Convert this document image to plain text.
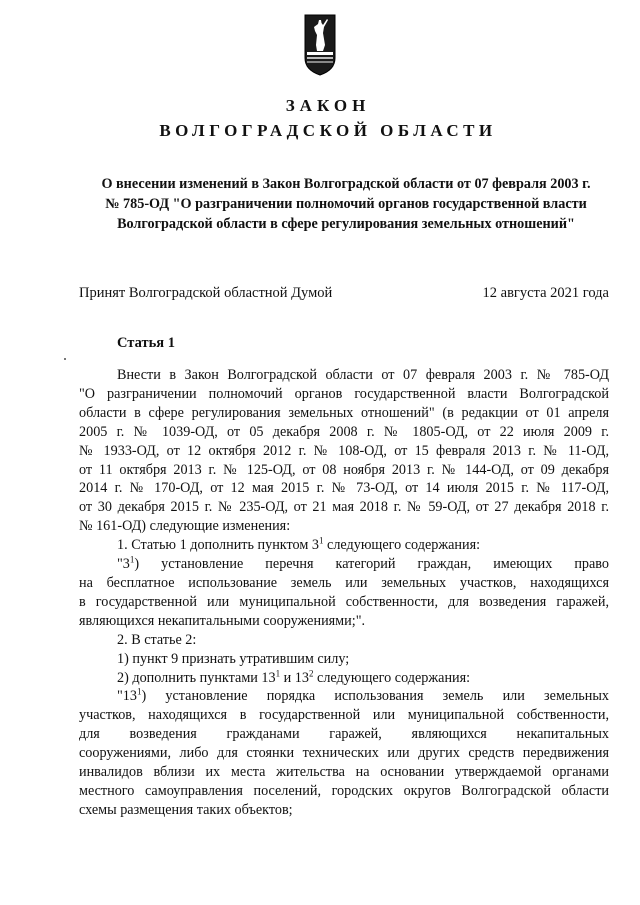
ЗАКОН
ВОЛГОГРАДСКОЙ ОБЛАСТИ
О внесении изменений в Закон Волгоградской области от 07 февраля 2003 г.
№ 785-ОД "О разграничении полномочий органов государственной власти
Волгоградской области в сфере регулирования земельных отношений"
Принят Волгоградской областной Думой	12 августа 2021 года
Статья 1
Внести в Закон Волгоградской области от 07 февраля 2003 г. № 785-ОД
"О разграничении полномочий органов государственной власти Волгоградской
области в сфере регулирования земельных отношений" (в редакции от 01 апреля
2005 г. № 1039-ОД, от 05 декабря 2008 г. № 1805-ОД, от 22 июля 2009 г.
№ 1933-ОД, от 12 октября 2012 г. № 108-ОД, от 15 февраля 2013 г. № 11-ОД,
от 11 октября 2013 г. № 125-ОД, от 08 ноября 2013 г. № 144-ОД, от 09 декабря
2014 г. № 170-ОД, от 12 мая 2015 г. № 73-ОД, от 14 июля 2015 г. № 117-ОД,
от 30 декабря 2015 г. № 235-ОД, от 21 мая 2018 г. № 59-ОД, от 27 декабря 2018 г.
№ 161-ОД) следующие изменения:
1. Статью 1 дополнить пунктом $3^1$ следующего содержания:
"$3^1$)   установление   перечня   категорий   граждан,   имеющих   право
на бесплатное использование земель или земельных участков, находящихся
в государственной или муниципальной собственности, для возведения гаражей,
являющихся некапитальными сооружениями;".
2. В статье 2:
1) пункт 9 признать утратившим силу;
2) дополнить пунктами $13^1$ и $13^2$ следующего содержания:
"$13^1$)   установление   порядка   использования   земель   или   земельных
участков, находящихся в государственной или муниципальной собственности,
для      возведения      гражданами      гаражей,      являющихся      некапитальных
сооружениями, либо для стоянки технических или других средств передвижения
инвалидов вблизи их места жительства на основании утверждаемой органами
местного самоуправления поселений, городских округов Волгоградской области
схемы размещения таких объектов;
